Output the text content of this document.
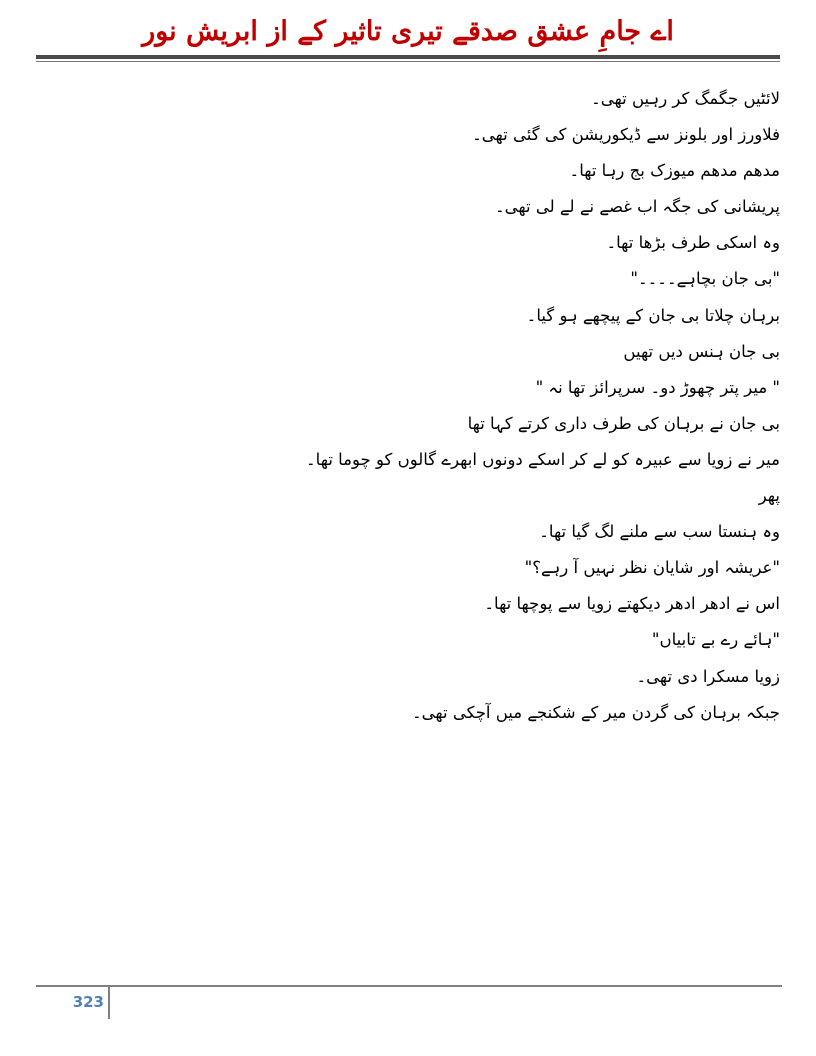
اے جامِ عشق صدقے تیری تاثیر کے از ابریش نور
لائٹیں جگمگ کر رہیں تھی۔
فلاورز اور بلونز سے ڈیکوریشن کی گئی تھی۔
مدھم مدھم میوزک بج رہا تھا۔
پریشانی کی جگہ اب غصے نے لے لی تھی۔
وہ اسکی طرف بڑھا تھا۔
"بی جان بچاہے۔۔۔۔"
برہان چلاتا بی جان کے پیچھے ہو گیا۔
بی جان ہنس دیں تھیں
" میر پتر چھوڑ دو۔ سرپرائز تھا نہ "
بی جان نے برہان کی طرف داری کرتے کہا تھا
میر نے زویا سے عبیرہ کو لے کر اسکے دونوں ابھرے گالوں کو چوما تھا۔
پھر
وہ ہنستا سب سے ملنے لگ گیا تھا۔
"عریشہ اور شایان نظر نہیں آ رہے؟"
اس نے ادھر ادھر دیکھتے زویا سے پوچھا تھا۔
"ہائے رے بے تابیاں"
زویا مسکرا دی تھی۔
جبکہ برہان کی گردن میر کے شکنجے میں آچکی تھی۔
323
